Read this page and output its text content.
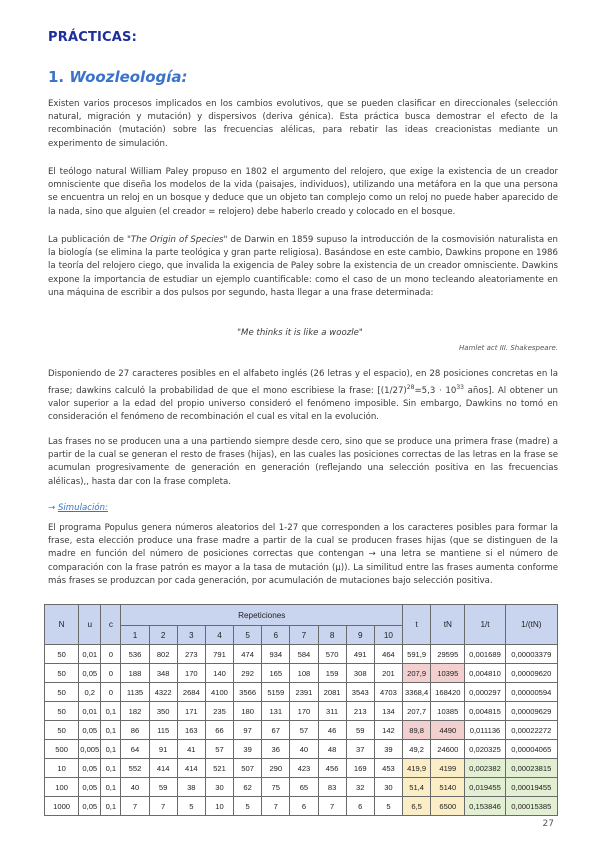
PRÁCTICAS:
1. Woozleología:

Existen varios procesos implicados en los cambios evolutivos, que se pueden clasificar en direccionales (selección natural, migración y mutación) y dispersivos (deriva génica). Esta práctica busca demostrar el efecto de la recombinación (mutación) sobre las frecuencias alélicas, para rebatir las ideas creacionistas mediante un experimento de simulación.

El teólogo natural William Paley propuso en 1802 el argumento del relojero, que exige la existencia de un creador omnisciente que diseña los modelos de la vida (paisajes, individuos), utilizando una metáfora en la que una persona se encuentra un reloj en un bosque y deduce que un objeto tan complejo como un reloj no puede haber aparecido de la nada, sino que alguien (el creador = relojero) debe haberlo creado y colocado en el bosque.

La publicación de "The Origin of Species" de Darwin en 1859 supuso la introducción de la cosmovisión naturalista en la biología (se elimina la parte teológica y gran parte religiosa). Basándose en este cambio, Dawkins propone en 1986 la teoría del relojero ciego, que invalida la exigencia de Paley sobre la existencia de un creador omnisciente. Dawkins expone la importancia de estudiar un ejemplo cuantificable: como el caso de un mono tecleando aleatoriamente en una máquina de escribir a dos pulsos por segundo, hasta llegar a una frase determinada:

"Me thinks it is like a woozle"
Hamlet act III. Shakespeare.

Disponiendo de 27 caracteres posibles en el alfabeto inglés (26 letras y el espacio), en 28 posiciones concretas en la frase; dawkins calculó la probabilidad de que el mono escribiese la frase: [$(1/27)^{28}=5,3 \cdot 10^{33}$ años]. Al obtener un valor superior a la edad del propio universo consideró el fenómeno imposible. Sin embargo, Dawkins no tomó en consideración el fenómeno de recombinación el cual es vital en la evolución.

Las frases no se producen una a una partiendo siempre desde cero, sino que se produce una primera frase (madre) a partir de la cual se generan el resto de frases (hijas), en las cuales las posiciones correctas de las letras en la frase se acumulan progresivamente de generación en generación (reflejando una selección positiva en las frecuencias alélicas),, hasta dar con la frase completa.

→ Simulación:

El programa Populus genera números aleatorios del 1-27 que corresponden a los caracteres posibles para formar la frase, esta elección produce una frase madre a partir de la cual se producen frases hijas (que se distinguen de la madre en función del número de posiciones correctas que contengan → una letra se mantiene si el número de comparación con la frase patrón es mayor a la tasa de mutación (µ)). La similitud entre las frases aumenta conforme más frases se produzcan por cada generación, por acumulación de mutaciones bajo selección positiva.

N	u	c	Repeticiones										t	tN	1/t	1/(tN)
			1	2	3	4	5	6	7	8	9	10				
50	0,01	0	536	802	273	791	474	934	584	570	491	464	591,9	29595	0,001689	0,00003379
50	0,05	0	188	348	170	140	292	165	108	159	308	201	207,9	10395	0,004810	0,00009620
50	0,2	0	1135	4322	2684	4100	3566	5159	2391	2081	3543	4703	3368,4	168420	0,000297	0,00000594
50	0,01	0,1	182	350	171	235	180	131	170	311	213	134	207,7	10385	0,004815	0,00009629
50	0,05	0,1	86	115	163	66	97	67	57	46	59	142	89,8	4490	0,011136	0,00022272
500	0,005	0,1	64	91	41	57	39	36	40	48	37	39	49,2	24600	0,020325	0,00004065
10	0,05	0,1	552	414	414	521	507	290	423	456	169	453	419,9	4199	0,002382	0,00023815
100	0,05	0,1	40	59	38	30	62	75	65	83	32	30	51,4	5140	0,019455	0,00019455
1000	0,05	0,1	7	7	5	10	5	7	6	7	6	5	6,5	6500	0,153846	0,00015385
27
